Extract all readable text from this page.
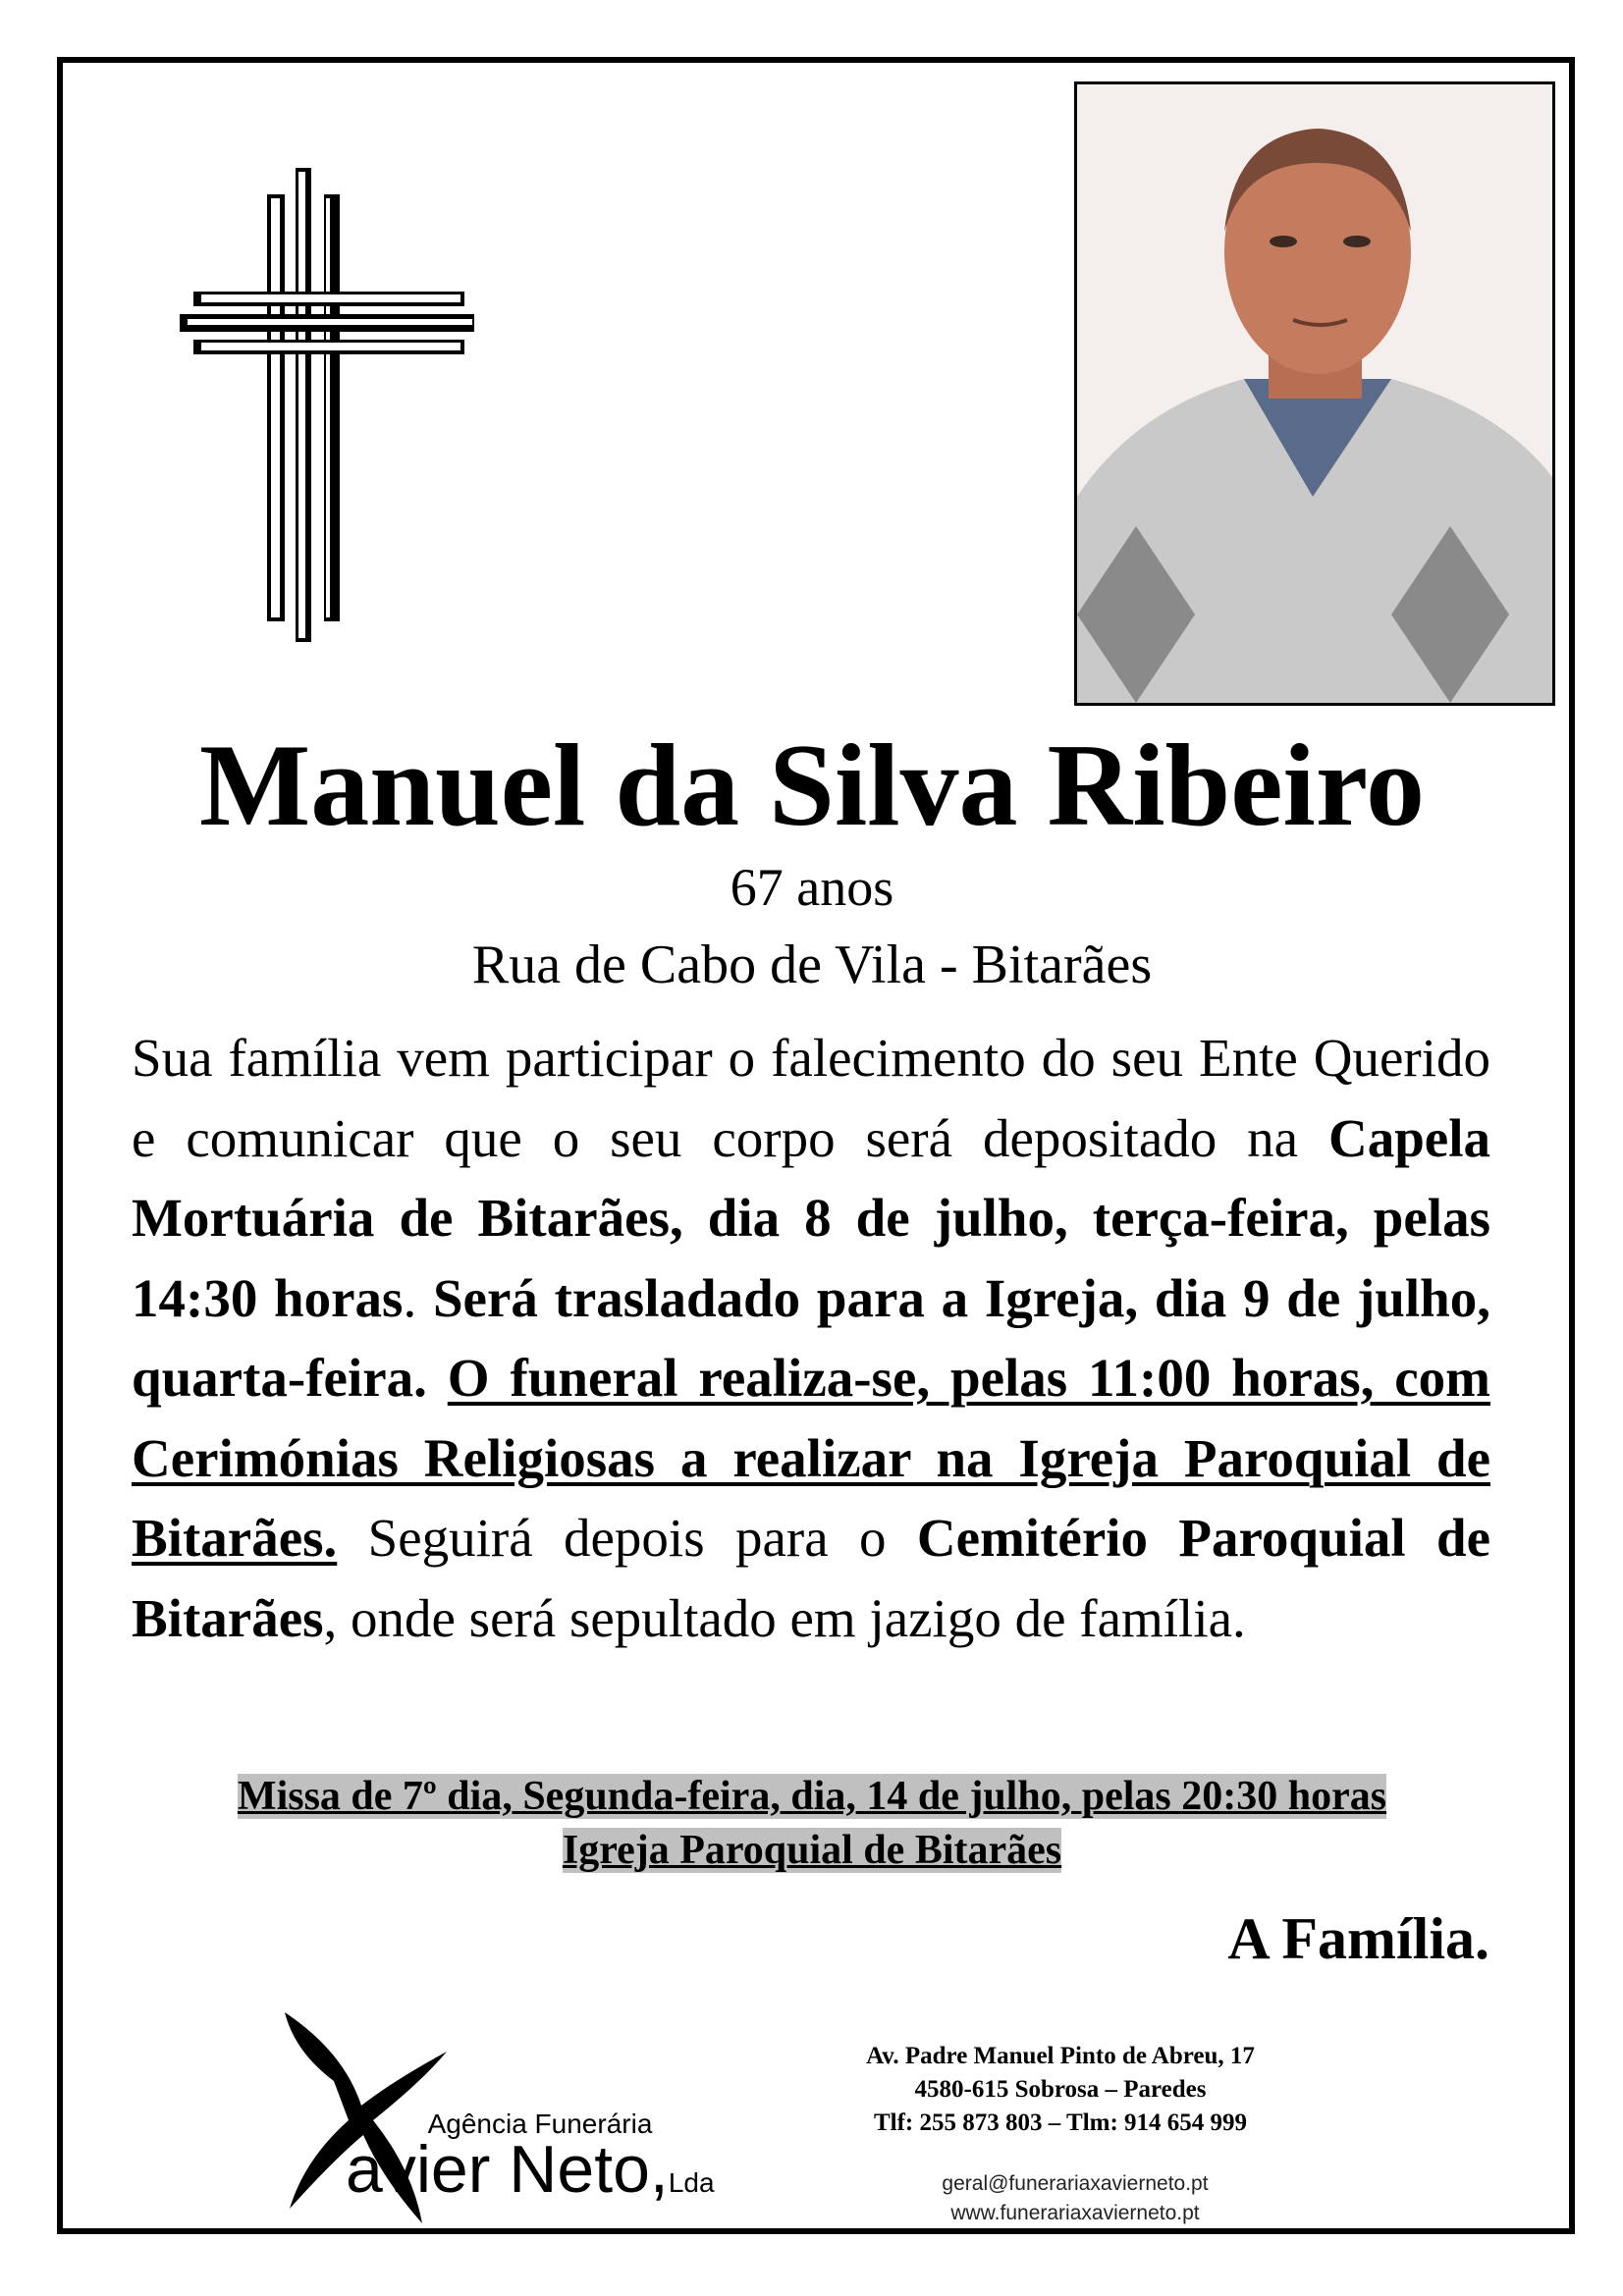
Manuel da Silva Ribeiro
67 anos
Rua de Cabo de Vila - Bitarães
Sua família vem participar o falecimento do seu Ente Querido e comunicar que o seu corpo será depositado na Capela Mortuária de Bitarães, dia 8 de julho, terça-feira, pelas 14:30 horas. Será trasladado para a Igreja, dia 9 de julho, quarta-feira. O funeral realiza-se, pelas 11:00 horas, com Cerimónias Religiosas a realizar na Igreja Paroquial de Bitarães. Seguirá depois para o Cemitério Paroquial de Bitarães, onde será sepultado em jazigo de família.
Missa de 7º dia, Segunda-feira, dia, 14 de julho, pelas 20:30 horas
Igreja Paroquial de Bitarães
A Família.
Agência Funerária
avier Neto,Lda
Av. Padre Manuel Pinto de Abreu, 17
4580-615 Sobrosa – Paredes
Tlf: 255 873 803 – Tlm: 914 654 999
geral@funerariaxavierneto.pt
www.funerariaxavierneto.pt
